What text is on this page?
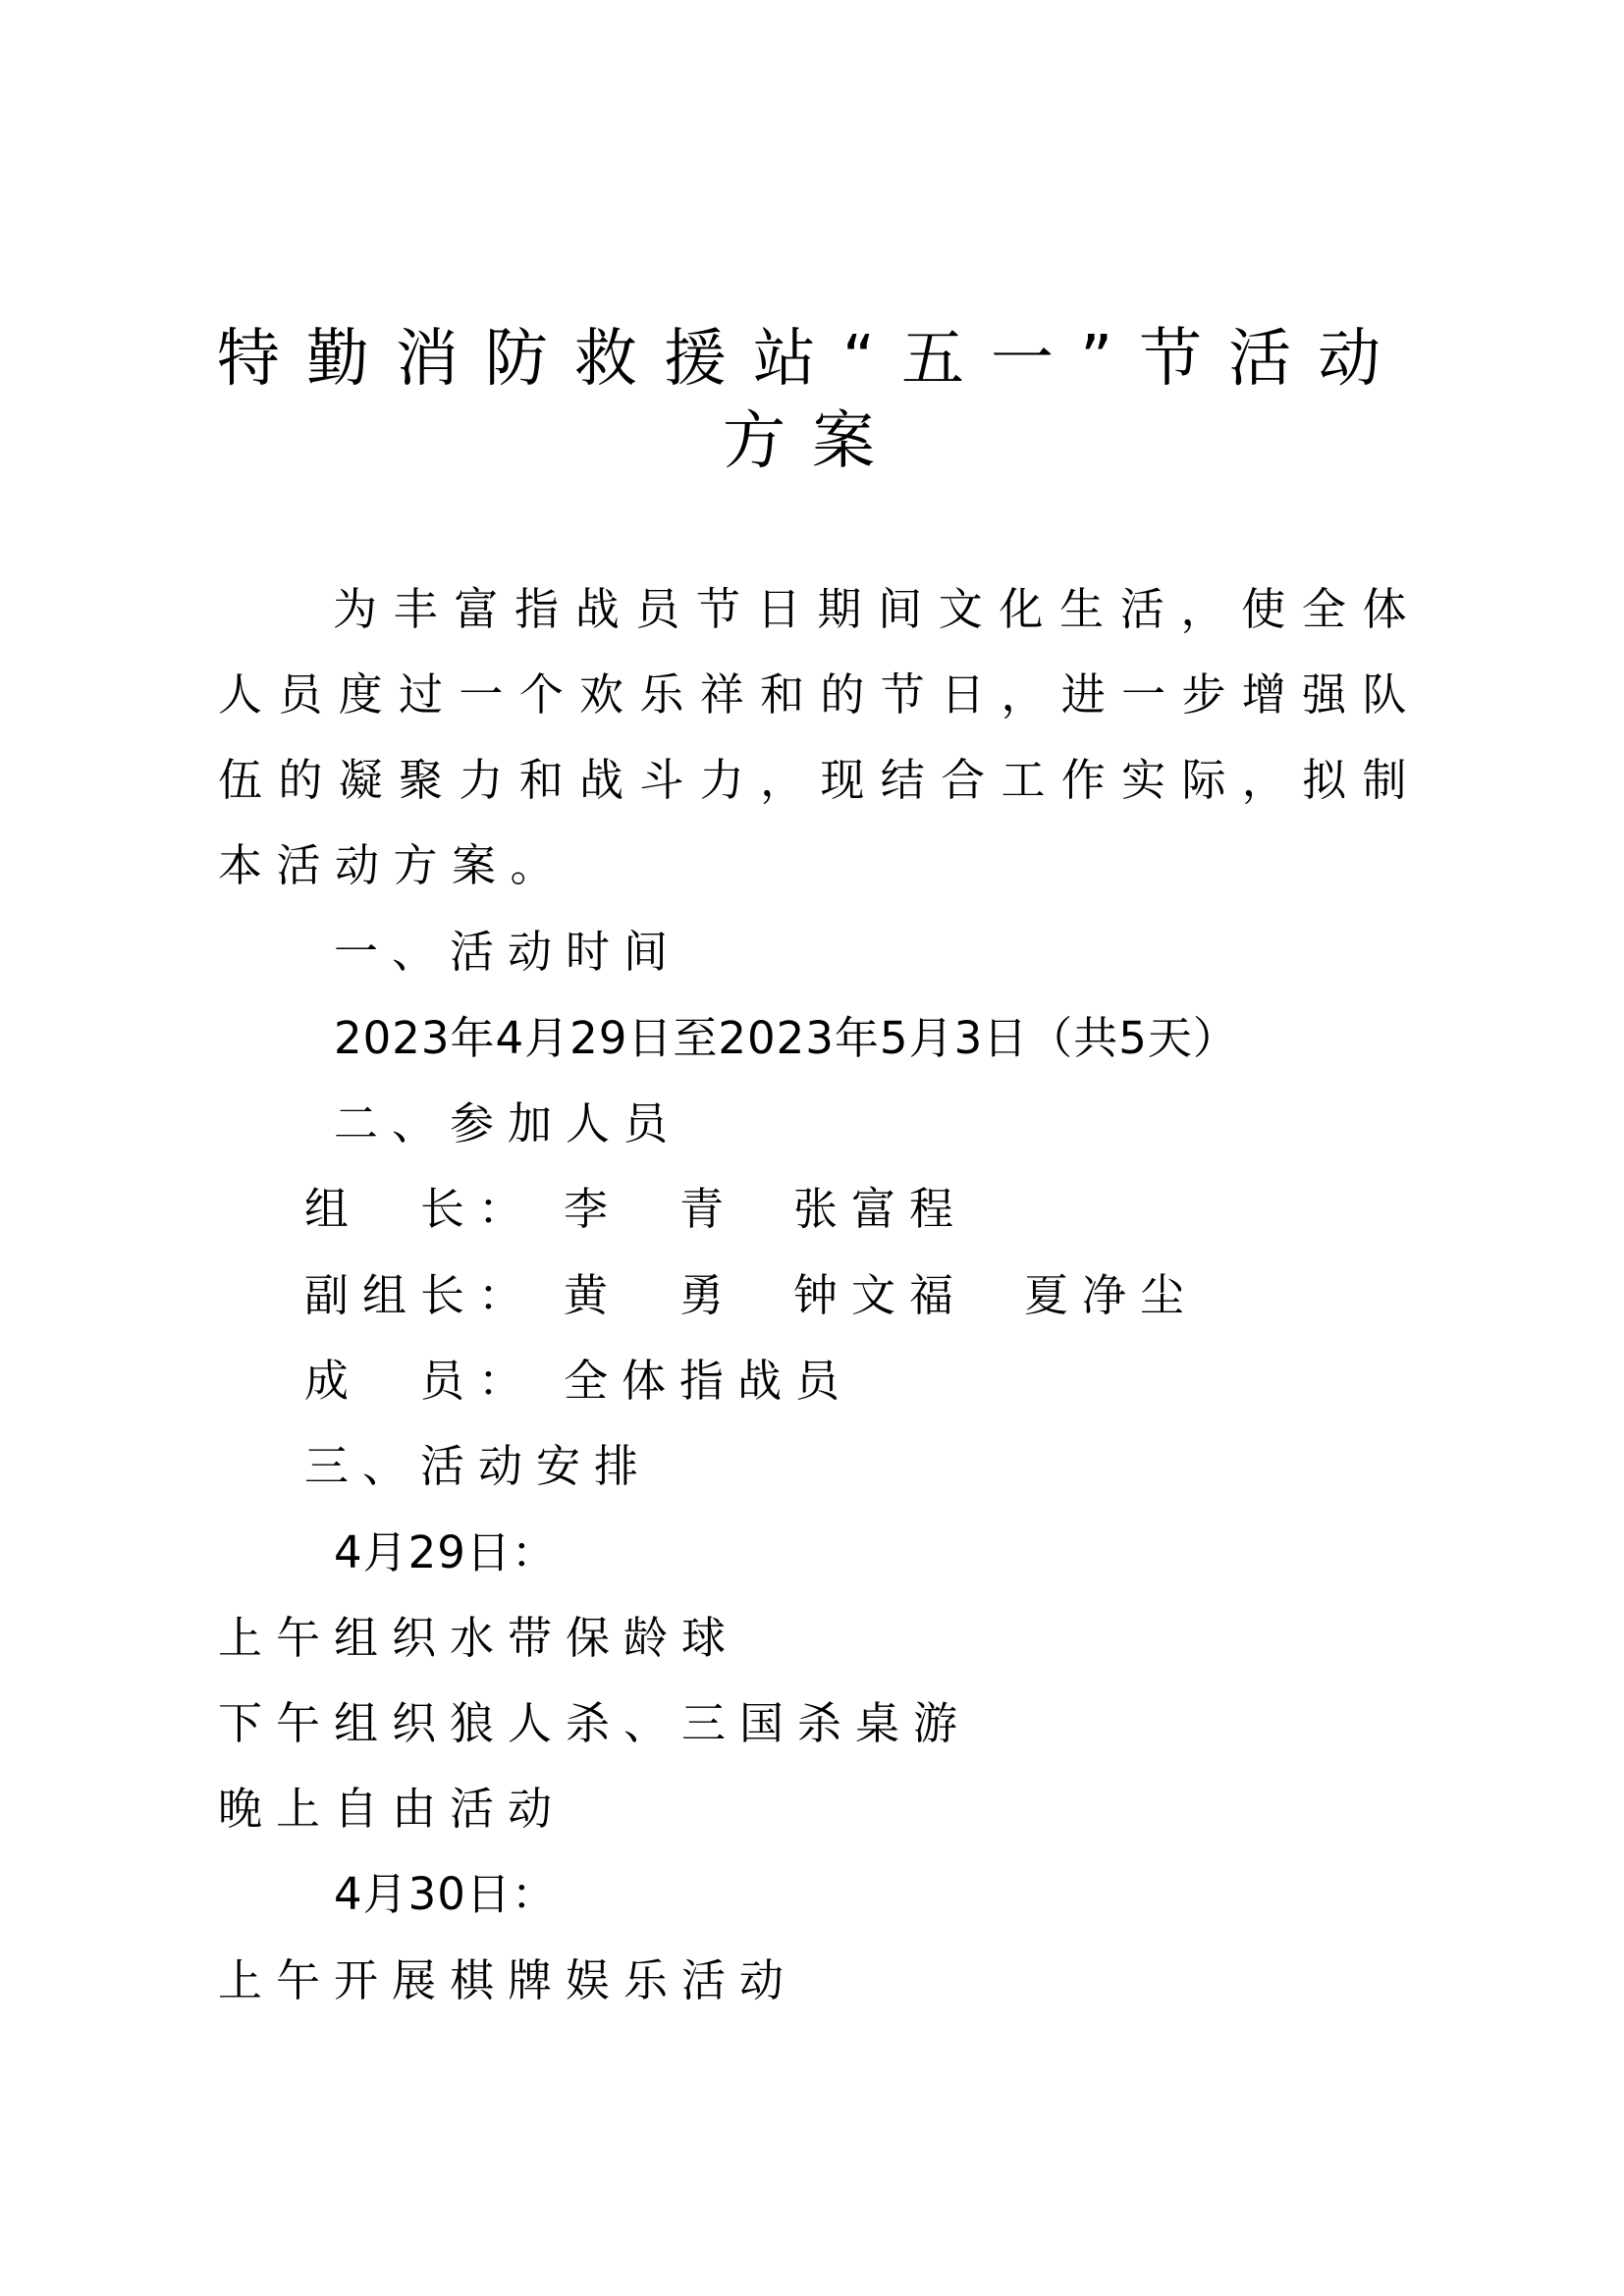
特勤消防救援站“五一”节活动
方案
为丰富指战员节日期间文化生活，使全体人员度过一个欢乐祥和的节日，进一步增强队伍的凝聚力和战斗力，现结合工作实际，拟制本活动方案。
一、活动时间
2023年4月29日至2023年5月3日（共5天）
二、参加人员
组　长： 李　青 张富程
副组长： 黄　勇 钟文福 夏净尘
成　员： 全体指战员
三、活动安排
4月29日：
上午组织水带保龄球
下午组织狼人杀、三国杀桌游
晚上自由活动
4月30日：
上午开展棋牌娱乐活动
